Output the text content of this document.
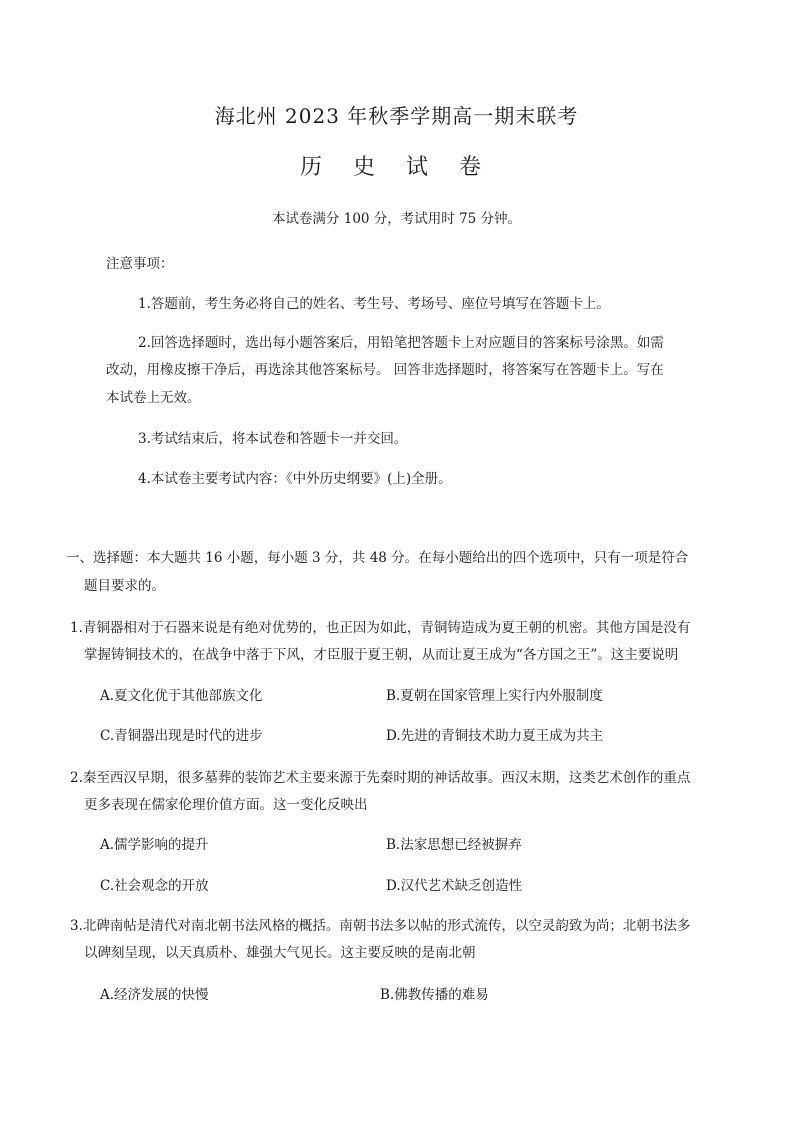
海北州 2023 年秋季学期高一期末联考
历 史 试 卷
本试卷满分 100 分，考试用时 75 分钟。
注意事项：
1.答题前，考生务必将自己的姓名、考生号、考场号、座位号填写在答题卡上。
2.回答选择题时，选出每小题答案后，用铅笔把答题卡上对应题目的答案标号涂黑。如需
改动，用橡皮擦干净后，再选涂其他答案标号。 回答非选择题时，将答案写在答题卡上。写在
本试卷上无效。
3.考试结束后，将本试卷和答题卡一并交回。
4.本试卷主要考试内容：《中外历史纲要》(上)全册。
一、选择题：本大题共 16 小题，每小题 3 分，共 48 分。在每小题给出的四个选项中，只有一项是符合
题目要求的。
1.青铜器相对于石器来说是有绝对优势的，也正因为如此，青铜铸造成为夏王朝的机密。其他方国是没有
掌握铸铜技术的，在战争中落于下风，才臣服于夏王朝，从而让夏王成为“各方国之王”。这主要说明
A.夏文化优于其他部族文化	B.夏朝在国家管理上实行内外服制度
C.青铜器出现是时代的进步	D.先进的青铜技术助力夏王成为共主
2.秦至西汉早期，很多墓葬的装饰艺术主要来源于先秦时期的神话故事。西汉末期，这类艺术创作的重点
更多表现在儒家伦理价值方面。这一变化反映出
A.儒学影响的提升	B.法家思想已经被摒弃
C.社会观念的开放	D.汉代艺术缺乏创造性
3.北碑南帖是清代对南北朝书法风格的概括。南朝书法多以帖的形式流传，以空灵韵致为尚；北朝书法多
以碑刻呈现，以天真质朴、雄强大气见长。这主要反映的是南北朝
A.经济发展的快慢	B.佛教传播的难易
